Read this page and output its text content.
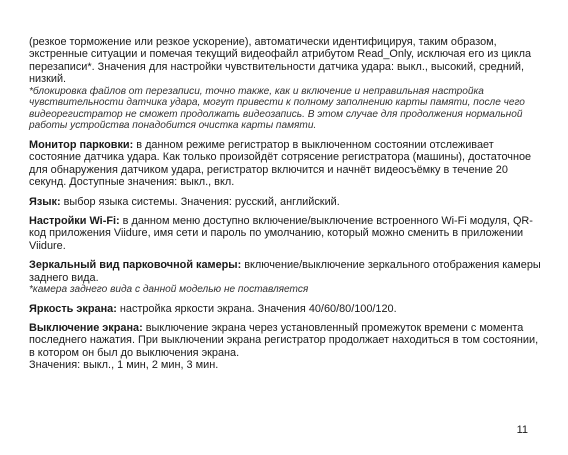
(резкое торможение или резкое ускорение), автоматически идентифицируя, таким образом, экстренные ситуации и помечая текущий видеофайл атрибутом Read_Only, исключая его из цикла перезаписи*. Значения для настройки чувствительности датчика удара: выкл., высокий, средний, низкий.

*блокировка файлов от перезаписи, точно также, как и включение и неправильная настройка чувствительности датчика удара, могут привести к полному заполнению карты памяти, после чего видеорегистратор не сможет продолжать видеозапись. В этом случае для продолжения нормальной работы устройства понадобится очистка карты памяти.

Монитор парковки: в данном режиме регистратор в выключенном состоянии отслеживает состояние датчика удара. Как только произойдёт сотрясение регистратора (машины), достаточное для обнаружения датчиком удара, регистратор включится и начнёт видеосъёмку в течение 20 секунд. Доступные значения: выкл., вкл.

Язык: выбор языка системы. Значения: русский, английский.

Настройки Wi-Fi: в данном меню доступно включение/выключение встроенного Wi-Fi модуля, QR-код приложения Viidure, имя сети и пароль по умолчанию, который можно сменить в приложении Viidure.

Зеркальный вид парковочной камеры: включение/выключение зеркального отображения камеры заднего вида.

*камера заднего вида с данной моделью не поставляется

Яркость экрана: настройка яркости экрана. Значения 40/60/80/100/120.

Выключение экрана: выключение экрана через установленный промежуток времени с момента последнего нажатия. При выключении экрана регистратор продолжает находиться в том состоянии, в котором он был до выключения экрана.

Значения: выкл., 1 мин, 2 мин, 3 мин.

11
